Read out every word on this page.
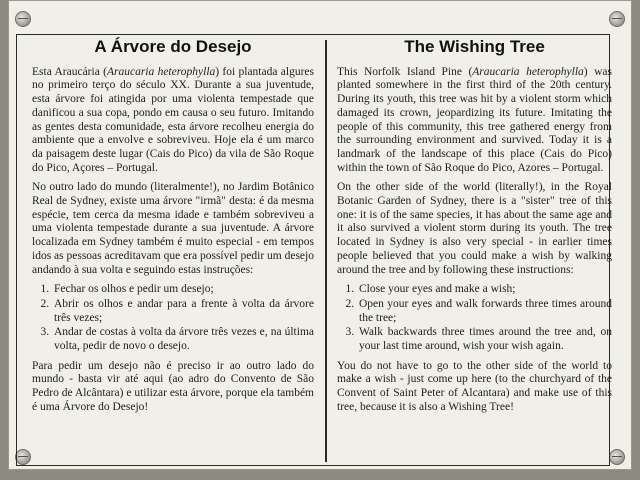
A Árvore do Desejo

Esta Araucária (Araucaria heterophylla) foi plantada algures no primeiro terço do século XX. Durante a sua juventude, esta árvore foi atingida por uma violenta tempestade que danificou a sua copa, pondo em causa o seu futuro. Imitando as gentes desta comunidade, esta árvore recolheu energia do ambiente que a envolve e sobreviveu. Hoje ela é um marco da paisagem deste lugar (Cais do Pico) da vila de São Roque do Pico, Açores – Portugal.

No outro lado do mundo (literalmente!), no Jardim Botânico Real de Sydney, existe uma árvore "irmã" desta: é da mesma espécie, tem cerca da mesma idade e também sobreviveu a uma violenta tempestade durante a sua juventude. A árvore localizada em Sydney também é muito especial - em tempos idos as pessoas acreditavam que era possível pedir um desejo andando à sua volta e seguindo estas instruções:

1. Fechar os olhos e pedir um desejo;
2. Abrir os olhos e andar para a frente à volta da árvore três vezes;
3. Andar de costas à volta da árvore três vezes e, na última volta, pedir de novo o desejo.

Para pedir um desejo não é preciso ir ao outro lado do mundo - basta vir até aqui (ao adro do Convento de São Pedro de Alcântara) e utilizar esta árvore, porque ela também é uma Árvore do Desejo!

The Wishing Tree

This Norfolk Island Pine (Araucaria heterophylla) was planted somewhere in the first third of the 20th century. During its youth, this tree was hit by a violent storm which damaged its crown, jeopardizing its future. Imitating the people of this community, this tree gathered energy from the surrounding environment and survived. Today it is a landmark of the landscape of this place (Cais do Pico) within the town of São Roque do Pico, Azores – Portugal.

On the other side of the world (literally!), in the Royal Botanic Garden of Sydney, there is a "sister" tree of this one: it is of the same species, it has about the same age and it also survived a violent storm during its youth. The tree located in Sydney is also very special - in earlier times people believed that you could make a wish by walking around the tree and by following these instructions:

1. Close your eyes and make a wish;
2. Open your eyes and walk forwards three times around the tree;
3. Walk backwards three times around the tree and, on your last time around, wish your wish again.

You do not have to go to the other side of the world to make a wish - just come up here (to the churchyard of the Convent of Saint Peter of Alcantara) and make use of this tree, because it is also a Wishing Tree!
